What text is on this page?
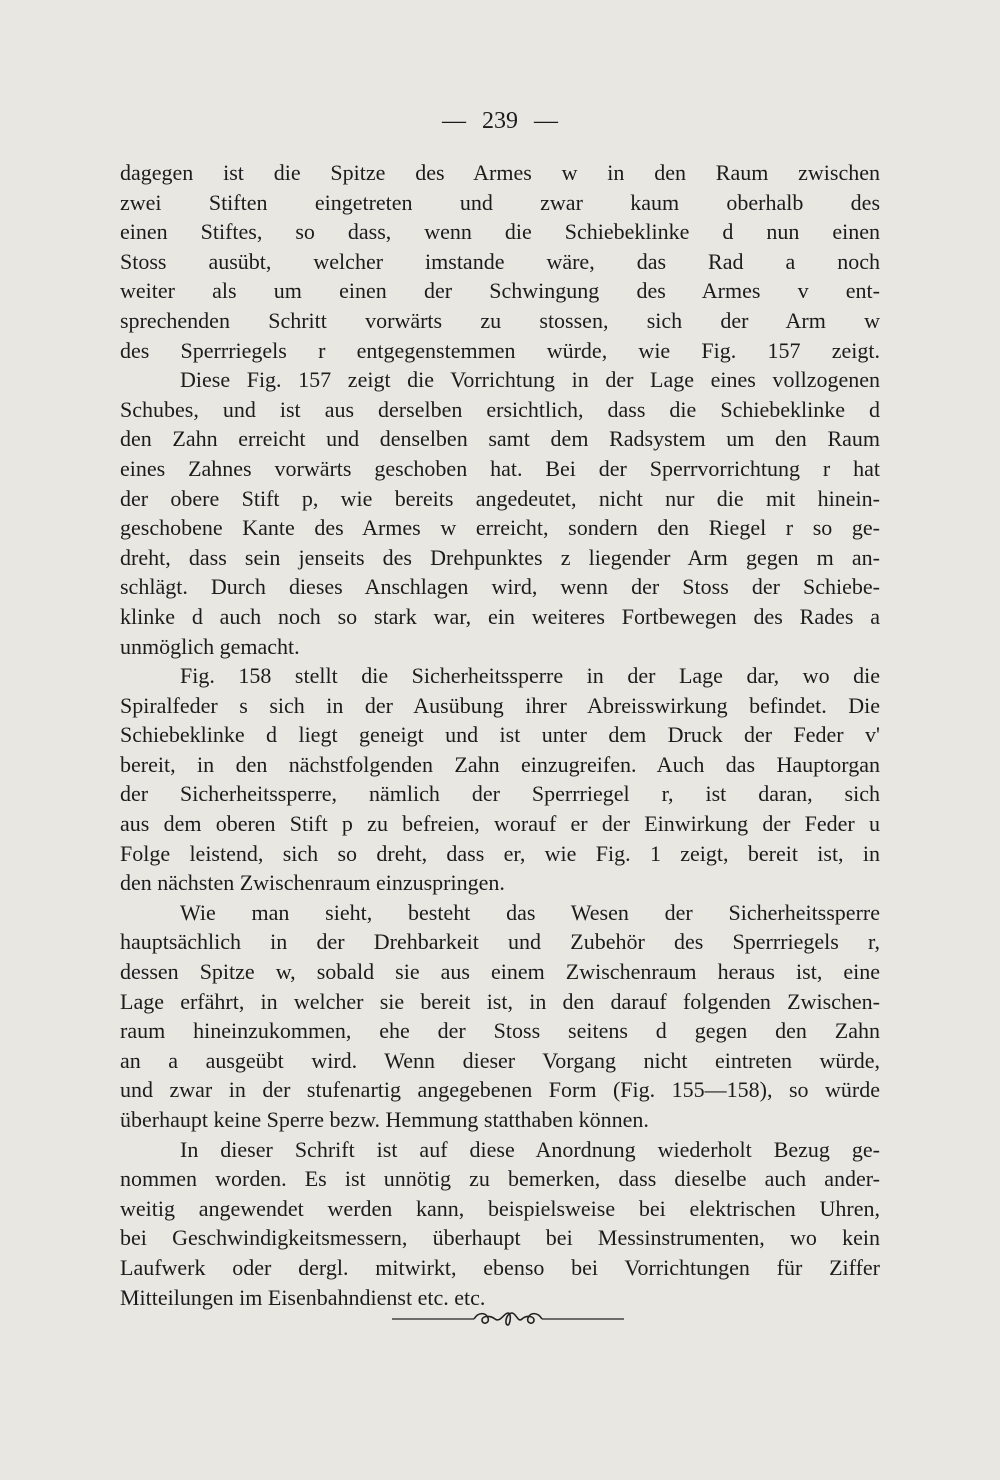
— 239 —
dagegen ist die Spitze des Armes w in den Raum zwischen
zwei Stiften eingetreten und zwar kaum oberhalb des
einen Stiftes, so dass, wenn die Schiebeklinke d nun einen
Stoss ausübt, welcher imstande wäre, das Rad a noch
weiter als um einen der Schwingung des Armes v ent-
sprechenden Schritt vorwärts zu stossen, sich der Arm w
des Sperrriegels r entgegenstemmen würde, wie Fig. 157 zeigt.
Diese Fig. 157 zeigt die Vorrichtung in der Lage eines vollzogenen
Schubes, und ist aus derselben ersichtlich, dass die Schiebeklinke d
den Zahn erreicht und denselben samt dem Radsystem um den Raum
eines Zahnes vorwärts geschoben hat. Bei der Sperrvorrichtung r hat
der obere Stift p, wie bereits angedeutet, nicht nur die mit hinein-
geschobene Kante des Armes w erreicht, sondern den Riegel r so ge-
dreht, dass sein jenseits des Drehpunktes z liegender Arm gegen m an-
schlägt. Durch dieses Anschlagen wird, wenn der Stoss der Schiebe-
klinke d auch noch so stark war, ein weiteres Fortbewegen des Rades a
unmöglich gemacht.
Fig. 158 stellt die Sicherheitssperre in der Lage dar, wo die
Spiralfeder s sich in der Ausübung ihrer Abreisswirkung befindet. Die
Schiebeklinke d liegt geneigt und ist unter dem Druck der Feder v'
bereit, in den nächstfolgenden Zahn einzugreifen. Auch das Hauptorgan
der Sicherheitssperre, nämlich der Sperrriegel r, ist daran, sich
aus dem oberen Stift p zu befreien, worauf er der Einwirkung der Feder u
Folge leistend, sich so dreht, dass er, wie Fig. 1 zeigt, bereit ist, in
den nächsten Zwischenraum einzuspringen.
Wie man sieht, besteht das Wesen der Sicherheitssperre
hauptsächlich in der Drehbarkeit und Zubehör des Sperrriegels r,
dessen Spitze w, sobald sie aus einem Zwischenraum heraus ist, eine
Lage erfährt, in welcher sie bereit ist, in den darauf folgenden Zwischen-
raum hineinzukommen, ehe der Stoss seitens d gegen den Zahn
an a ausgeübt wird. Wenn dieser Vorgang nicht eintreten würde,
und zwar in der stufenartig angegebenen Form (Fig. 155—158), so würde
überhaupt keine Sperre bezw. Hemmung statthaben können.
In dieser Schrift ist auf diese Anordnung wiederholt Bezug ge-
nommen worden. Es ist unnötig zu bemerken, dass dieselbe auch ander-
weitig angewendet werden kann, beispielsweise bei elektrischen Uhren,
bei Geschwindigkeitsmessern, überhaupt bei Messinstrumenten, wo kein
Laufwerk oder dergl. mitwirkt, ebenso bei Vorrichtungen für Ziffer
Mitteilungen im Eisenbahndienst etc. etc.
